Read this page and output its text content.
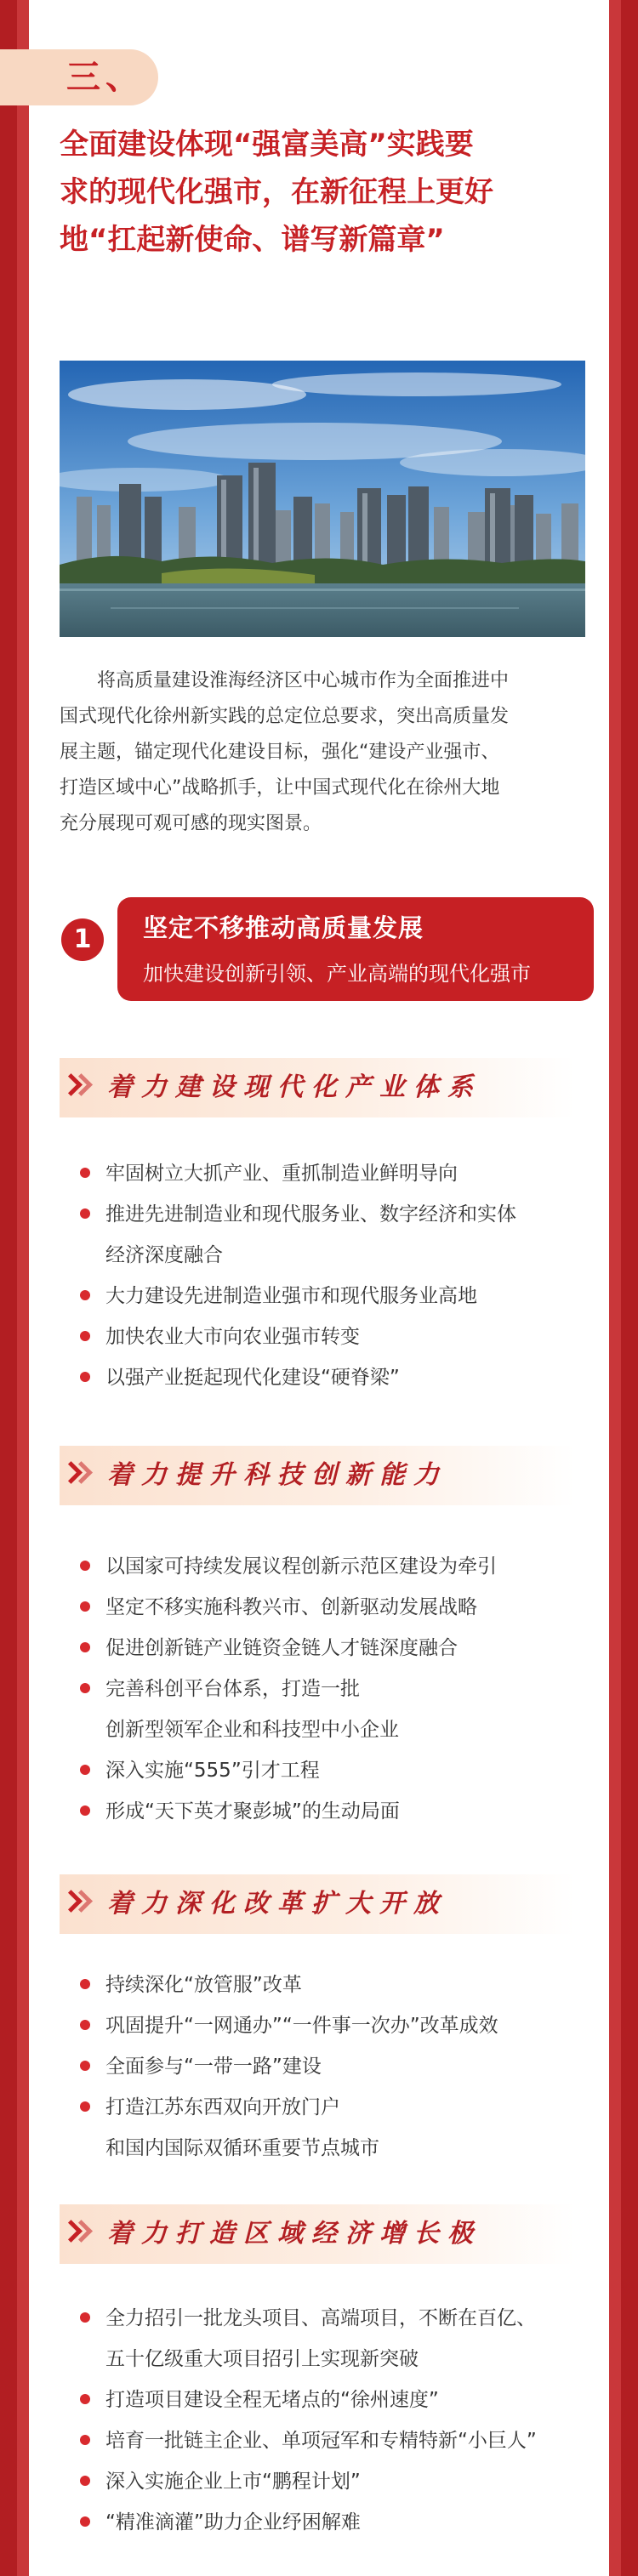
三、
全面建设体现“强富美高”实践要
求的现代化强市，在新征程上更好
地“扛起新使命、谱写新篇章”
将高质量建设淮海经济区中心城市作为全面推进中
国式现代化徐州新实践的总定位总要求，突出高质量发
展主题，锚定现代化建设目标，强化“建设产业强市、
打造区域中心”战略抓手，让中国式现代化在徐州大地
充分展现可观可感的现实图景。
1	坚定不移推动高质量发展
加快建设创新引领、产业高端的现代化强市
着力建设现代化产业体系
牢固树立大抓产业、重抓制造业鲜明导向
推进先进制造业和现代服务业、数字经济和实体
经济深度融合
大力建设先进制造业强市和现代服务业高地
加快农业大市向农业强市转变
以强产业挺起现代化建设“硬脊梁”
着力提升科技创新能力
以国家可持续发展议程创新示范区建设为牵引
坚定不移实施科教兴市、创新驱动发展战略
促进创新链产业链资金链人才链深度融合
完善科创平台体系，打造一批
创新型领军企业和科技型中小企业
深入实施“555”引才工程
形成“天下英才聚彭城”的生动局面
着力深化改革扩大开放
持续深化“放管服”改革
巩固提升“一网通办”“一件事一次办”改革成效
全面参与“一带一路”建设
打造江苏东西双向开放门户
和国内国际双循环重要节点城市
着力打造区域经济增长极
全力招引一批龙头项目、高端项目，不断在百亿、
五十亿级重大项目招引上实现新突破
打造项目建设全程无堵点的“徐州速度”
培育一批链主企业、单项冠军和专精特新“小巨人”
深入实施企业上市“鹏程计划”
“精准滴灌”助力企业纾困解难
